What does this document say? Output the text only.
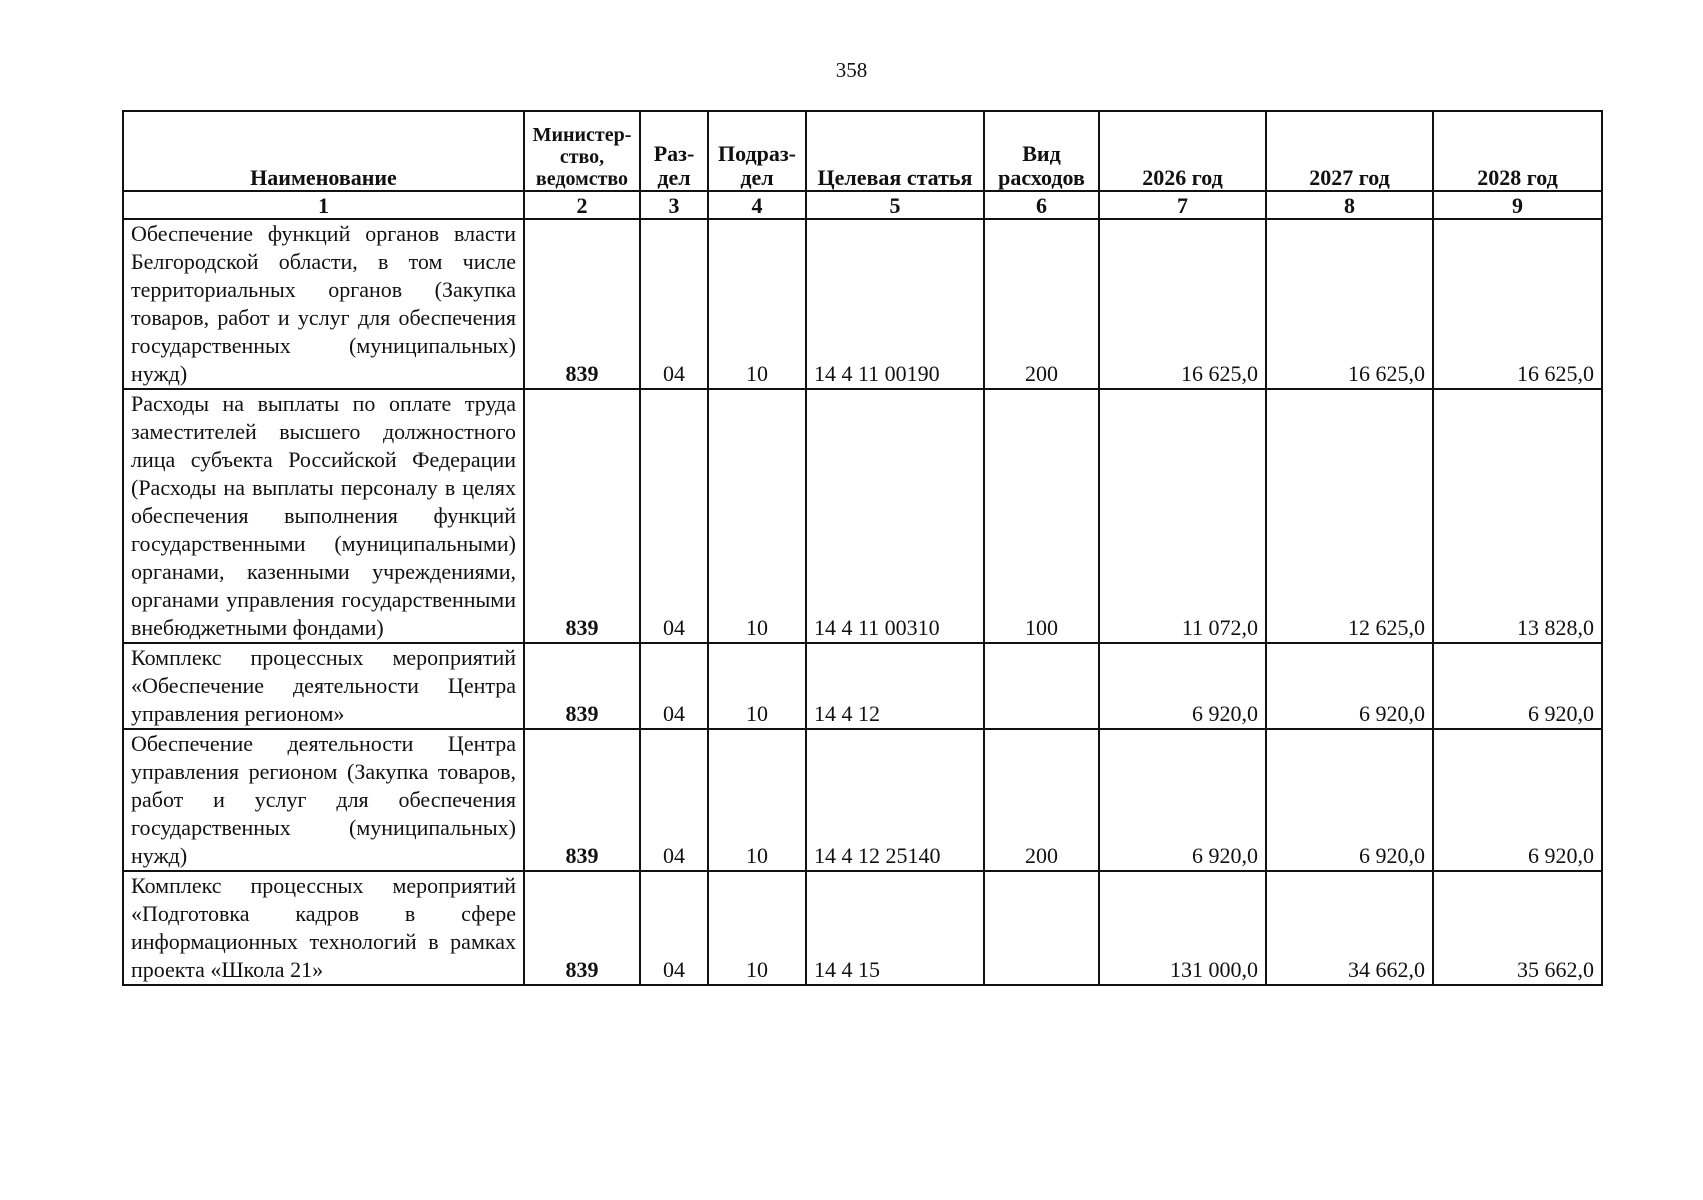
358
Наименование	Министер-ство, ведомство	Раз-дел	Подраз-дел	Целевая статья	Вид расходов	2026 год	2027 год	2028 год
1	2	3	4	5	6	7	8	9
Обеспечение функций органов власти Белгородской области, в том числе территориальных органов (Закупка товаров, работ и услуг для обеспечения государственных (муниципальных) нужд)	839	04	10	14 4 11 00190	200	16 625,0	16 625,0	16 625,0
Расходы на выплаты по оплате труда заместителей высшего должностного лица субъекта Российской Федерации (Расходы на выплаты персоналу в целях обеспечения выполнения функций государственными (муниципальными) органами, казенными учреждениями, органами управления государственными внебюджетными фондами)	839	04	10	14 4 11 00310	100	11 072,0	12 625,0	13 828,0
Комплекс процессных мероприятий «Обеспечение деятельности Центра управления регионом»	839	04	10	14 4 12		6 920,0	6 920,0	6 920,0
Обеспечение деятельности Центра управления регионом (Закупка товаров, работ и услуг для обеспечения государственных (муниципальных) нужд)	839	04	10	14 4 12 25140	200	6 920,0	6 920,0	6 920,0
Комплекс процессных мероприятий «Подготовка кадров в сфере информационных технологий в рамках проекта «Школа 21»	839	04	10	14 4 15		131 000,0	34 662,0	35 662,0
